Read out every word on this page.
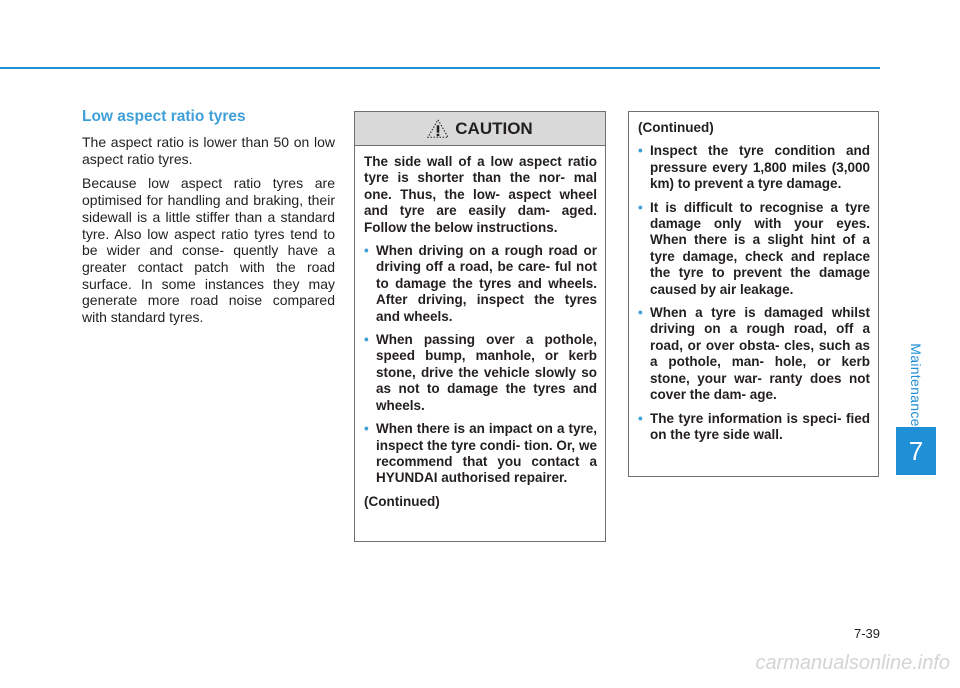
Maintenance
7
Low aspect ratio tyres

The aspect ratio is lower than 50 on low aspect ratio tyres.

Because low aspect ratio tyres are optimised for handling and braking, their sidewall is a little stiffer than a standard tyre. Also low aspect ratio tyres tend to be wider and conse- quently have a greater contact patch with the road surface. In some instances they may generate more road noise compared with standard tyres.

CAUTION

The side wall of a low aspect ratio tyre is shorter than the nor- mal one. Thus, the low- aspect wheel and tyre are easily dam- aged. Follow the below instructions.

• When driving on a rough road or driving off a road, be care- ful not to damage the tyres and wheels. After driving, inspect the tyres and wheels.
• When passing over a pothole, speed bump, manhole, or kerb stone, drive the vehicle slowly so as not to damage the tyres and wheels.
• When there is an impact on a tyre, inspect the tyre condi- tion. Or, we recommend that you contact a HYUNDAI authorised repairer.

(Continued)

(Continued)

• Inspect the tyre condition and pressure every 1,800 miles (3,000 km) to prevent a tyre damage.
• It is difficult to recognise a tyre damage only with your eyes. When there is a slight hint of a tyre damage, check and replace the tyre to prevent the damage caused by air leakage.
• When a tyre is damaged whilst driving on a rough road, off a road, or over obsta- cles, such as a pothole, man- hole, or kerb stone, your war- ranty does not cover the dam- age.
• The tyre information is speci- fied on the tyre side wall.
7-39
carmanualsonline.info
